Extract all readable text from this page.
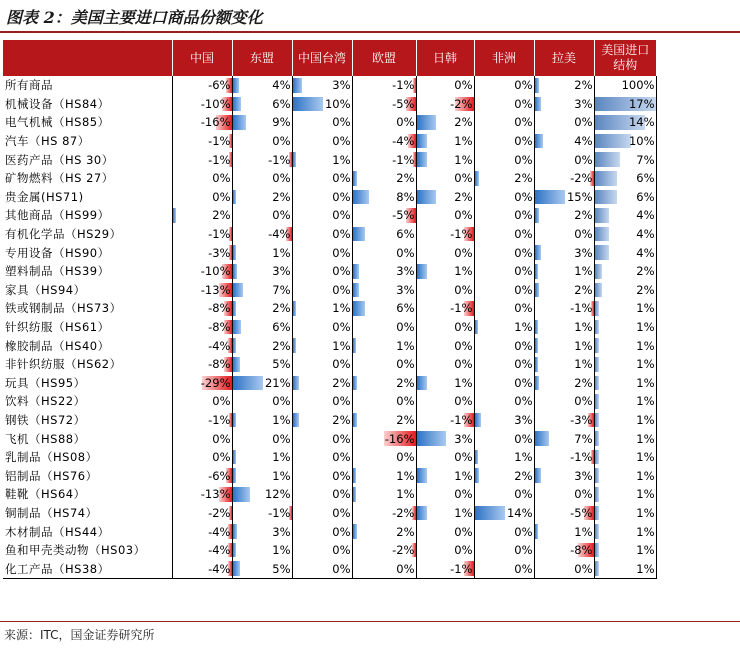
图表 2：美国主要进口商品份额变化
	中国	东盟	中国台湾	欧盟	日韩	非洲	拉美	美国进口结构
所有商品	-6%	4%	3%	-1%	0%	0%	2%	100%
机械设备（HS84）	-10%	6%	10%	-5%	-2%	0%	3%	17%
电气机械（HS85）	-16%	9%	0%	0%	2%	0%	0%	14%
汽车（HS 87）	-1%	0%	0%	-4%	1%	0%	4%	10%
医药产品（HS 30）	-1%	-1%	1%	-1%	1%	0%	0%	7%
矿物燃料（HS 27）	0%	0%	0%	2%	0%	2%	-2%	6%
贵金属(HS71)	0%	2%	0%	8%	2%	0%	15%	6%
其他商品（HS99）	2%	0%	0%	-5%	0%	0%	2%	4%
有机化学品（HS29）	-1%	-4%	0%	6%	-1%	0%	0%	4%
专用设备（HS90）	-3%	1%	0%	0%	0%	0%	3%	4%
塑料制品（HS39）	-10%	3%	0%	3%	1%	0%	1%	2%
家具（HS94）	-13%	7%	0%	3%	0%	0%	2%	2%
铁或钢制品（HS73）	-8%	2%	1%	6%	-1%	0%	-1%	1%
针织纺服（HS61）	-8%	6%	0%	0%	0%	1%	1%	1%
橡胶制品（HS40）	-4%	2%	1%	1%	0%	0%	1%	1%
非针织纺服（HS62）	-8%	5%	0%	0%	0%	0%	1%	1%
玩具（HS95）	-29%	21%	2%	2%	1%	0%	2%	1%
饮料（HS22）	0%	0%	0%	0%	0%	0%	0%	1%
钢铁（HS72）	-1%	1%	2%	2%	-1%	3%	-3%	1%
飞机（HS88）	0%	0%	0%	-16%	3%	0%	7%	1%
乳制品（HS08）	0%	1%	0%	0%	0%	1%	-1%	1%
铝制品（HS76）	-6%	1%	0%	1%	1%	2%	3%	1%
鞋靴（HS64）	-13%	12%	0%	1%	0%	0%	0%	1%
铜制品（HS74）	-2%	-1%	0%	-2%	1%	14%	-5%	1%
木材制品（HS44）	-4%	3%	0%	2%	0%	0%	1%	1%
鱼和甲壳类动物（HS03）	-4%	1%	0%	-2%	0%	0%	-8%	1%
化工产品（HS38）	-4%	5%	0%	0%	-1%	0%	0%	1%
来源：ITC，国金证券研究所
